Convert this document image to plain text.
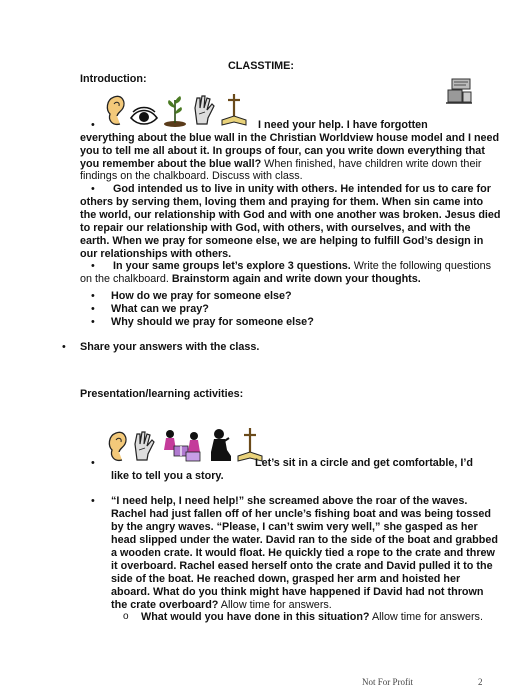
CLASSTIME:
Introduction:
•
	I need your help. I have forgotten
everything about the blue wall in the Christian Worldview house model and I need
you to tell me all about it. In groups of four, can you write down everything that
you remember about the blue wall? When finished, have children write down their
findings on the chalkboard. Discuss with class.
• God intended us to live in unity with others. He intended for us to care for
others by serving them, loving them and praying for them. When sin came into
the world, our relationship with God and with one another was broken. Jesus died
to repair our relationship with God, with others, with ourselves, and with the
earth. When we pray for someone else, we are helping to fulfill God’s design in
our relationships with others.
• In your same groups let’s explore 3 questions. Write the following questions
on the chalkboard. Brainstorm again and write down your thoughts.
• How do we pray for someone else?
• What can we pray?
• Why should we pray for someone else?
• Share your answers with the class.
Presentation/learning activities:
•
	Let’s sit in a circle and get comfortable, I’d
like to tell you a story.
• “I need help, I need help!” she screamed above the roar of the waves.
Rachel had just fallen off of her uncle’s fishing boat and was being tossed
by the angry waves. “Please, I can’t swim very well,” she gasped as her
head slipped under the water. David ran to the side of the boat and grabbed
a wooden crate. It would float. He quickly tied a rope to the crate and threw
it overboard. Rachel eased herself onto the crate and David pulled it to the
side of the boat. He reached down, grasped her arm and hoisted her
aboard. What do you think might have happened if David had not thrown
the crate overboard? Allow time for answers.
o What would you have done in this situation? Allow time for answers.
Not For Profit	2
